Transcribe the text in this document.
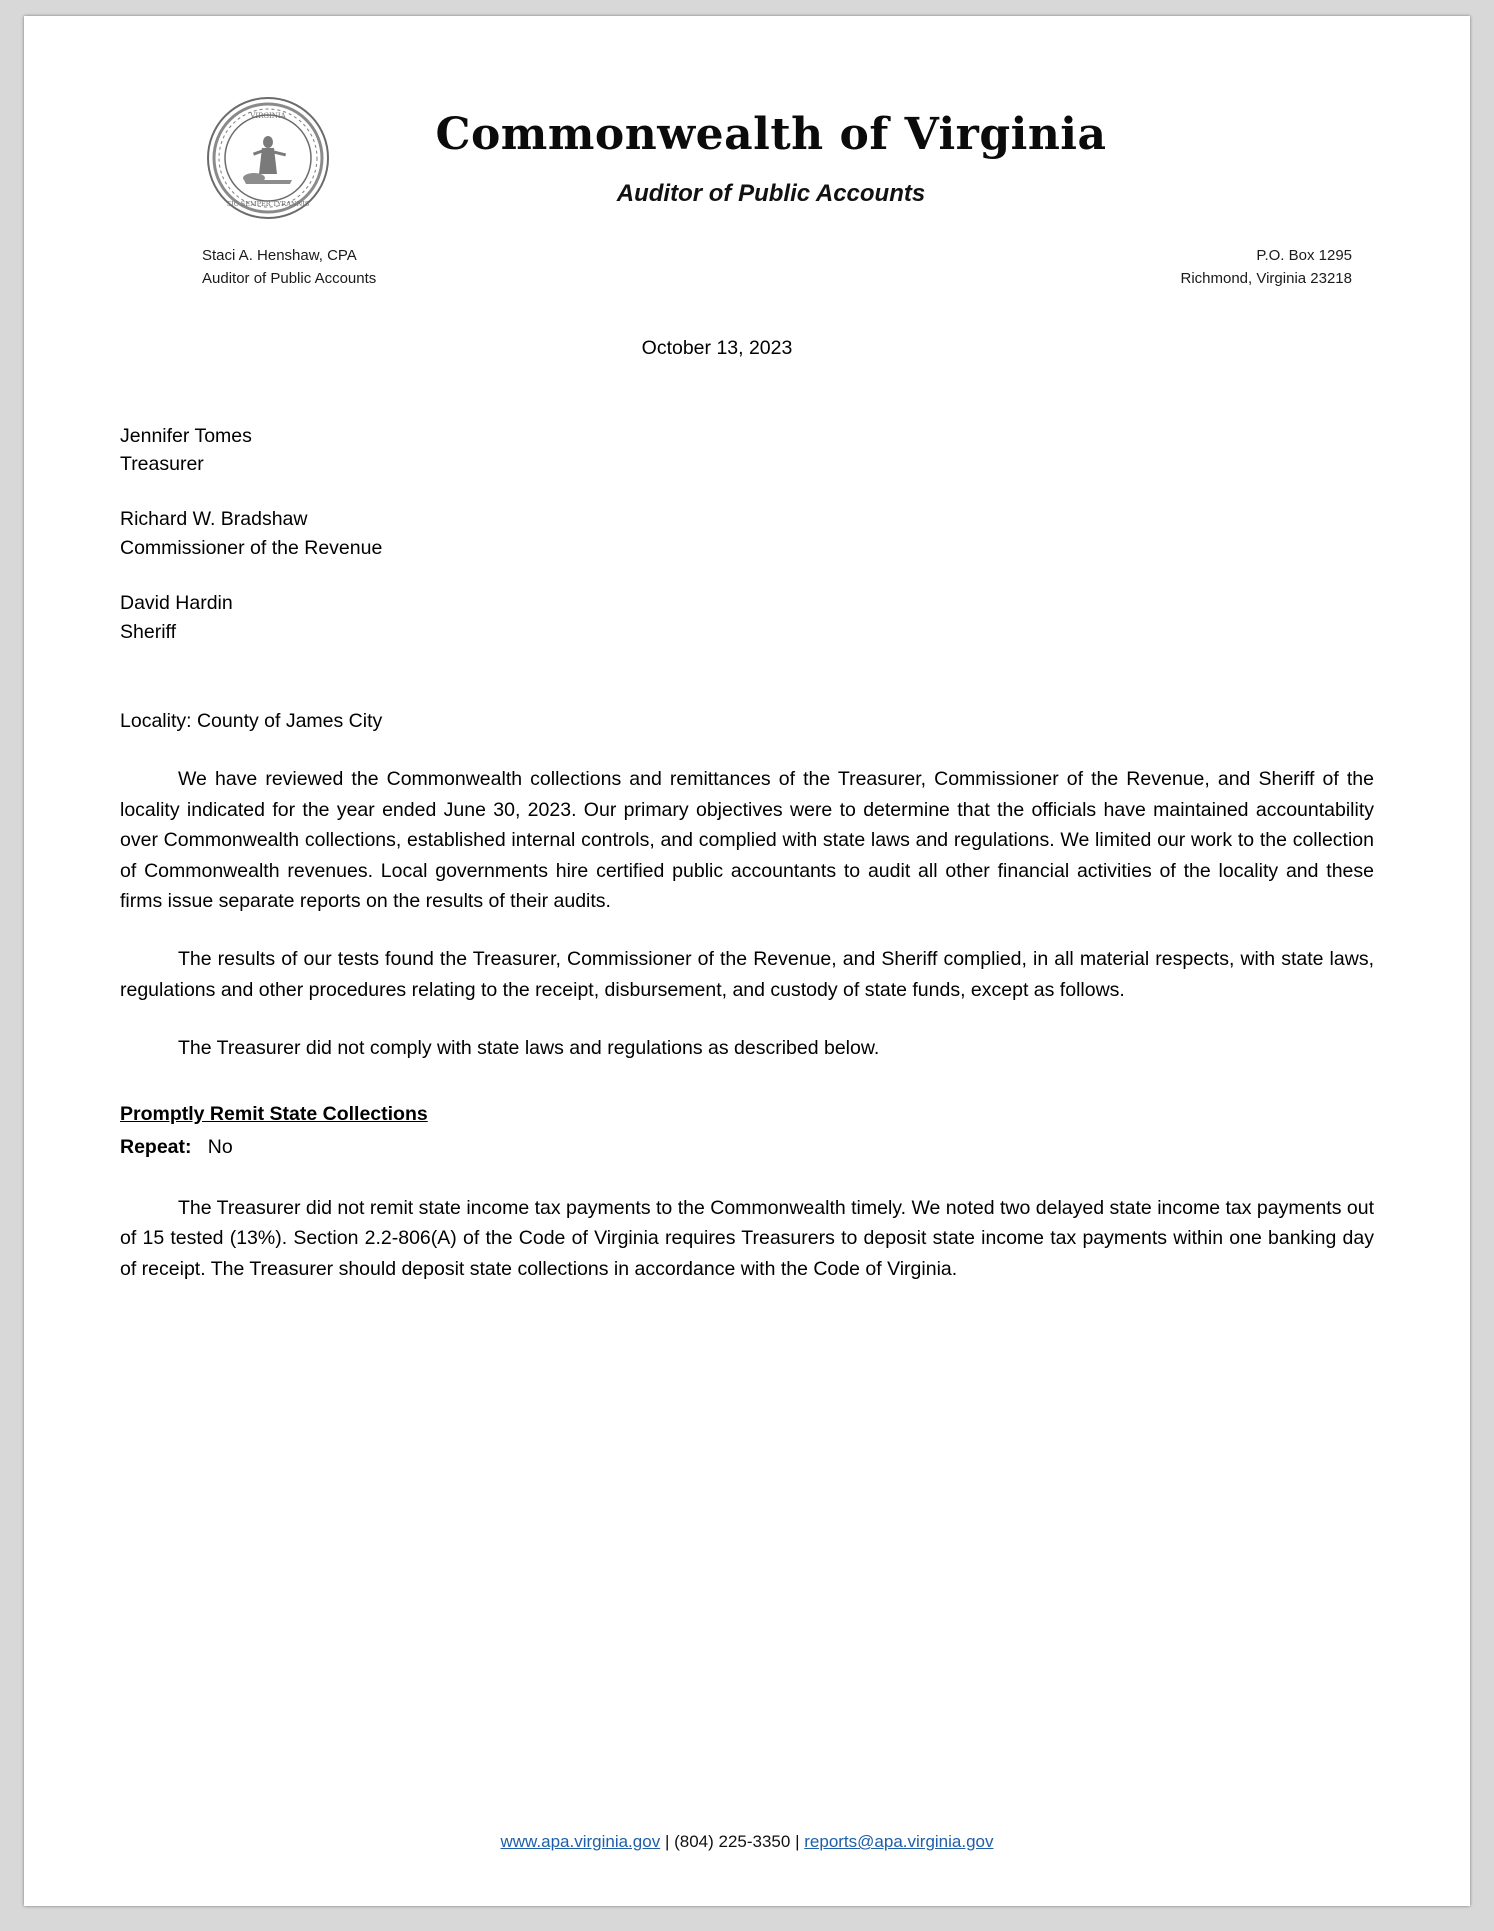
VIRGINIA
SIC SEMPER TYRANNIS
Commonwealth of Virginia
Auditor of Public Accounts
Staci A. Henshaw, CPA
Auditor of Public Accounts
P.O. Box 1295
Richmond, Virginia 23218
October 13, 2023
Jennifer Tomes
Treasurer
Richard W. Bradshaw
Commissioner of the Revenue
David Hardin
Sheriff
Locality: County of James City

We have reviewed the Commonwealth collections and remittances of the Treasurer, Commissioner of the Revenue, and Sheriff of the locality indicated for the year ended June 30, 2023. Our primary objectives were to determine that the officials have maintained accountability over Commonwealth collections, established internal controls, and complied with state laws and regulations. We limited our work to the collection of Commonwealth revenues. Local governments hire certified public accountants to audit all other financial activities of the locality and these firms issue separate reports on the results of their audits.

The results of our tests found the Treasurer, Commissioner of the Revenue, and Sheriff complied, in all material respects, with state laws, regulations and other procedures relating to the receipt, disbursement, and custody of state funds, except as follows.

The Treasurer did not comply with state laws and regulations as described below.

Promptly Remit State Collections
Repeat: No

The Treasurer did not remit state income tax payments to the Commonwealth timely. We noted two delayed state income tax payments out of 15 tested (13%). Section 2.2-806(A) of the Code of Virginia requires Treasurers to deposit state income tax payments within one banking day of receipt. The Treasurer should deposit state collections in accordance with the Code of Virginia.

www.apa.virginia.gov | (804) 225-3350 | reports@apa.virginia.gov
